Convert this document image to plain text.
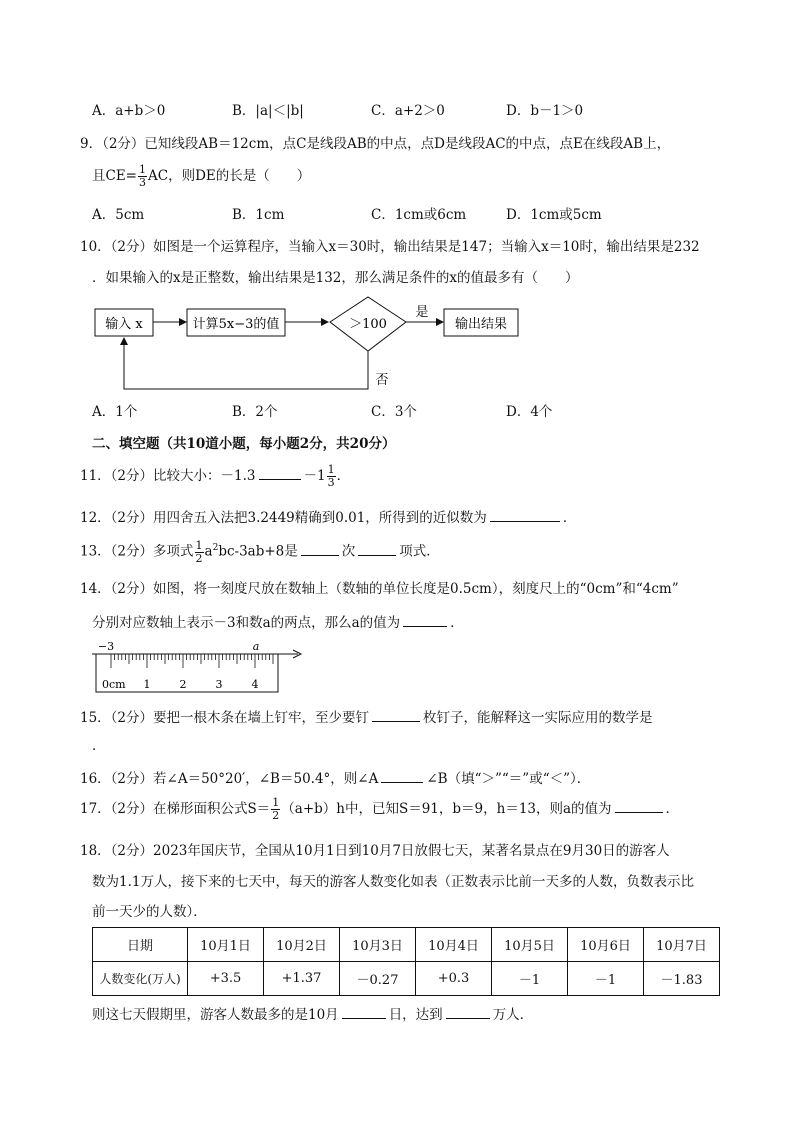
A．a+b＞0	B．|a|＜|b|	C．a+2＞0	D．b－1＞0
9．（2分）已知线段AB＝12cm，点C是线段AB的中点，点D是线段AC的中点，点E在线段AB上，
且$CE= \frac{1}{3}$ AC，则DE的长是（　　）
A．5cm	B．1cm	C．1cm或6cm	D．1cm或5cm
10．（2分）如图是一个运算程序，当输入x＝30时，输出结果是147；当输入x＝10时，输出结果是232
．如果输入的x是正整数，输出结果是132，那么满足条件的x的值最多有（　　）
输入 x	计算5x−3的值	＞100
是
输出结果
否
A．1个	B．2个	C．3个	D．4个
二、填空题（共10道小题，每小题2分，共20分）
11．（2分）比较大小：－1.3	$-1 \frac{1}{3}$ ．
12．（2分）用四舍五入法把3.2449精确到0.01，所得到的近似数为	．
13．（2分）多项式 $\frac{1}{2} a^2bc-3ab+8$是	次	项式．
14．（2分）如图，将一刻度尺放在数轴上（数轴的单位长度是0.5cm），刻度尺上的“0cm”和“4cm”
分别对应数轴上表示－3和数a的两点，那么a的值为	．
−3	a
0cm 1	2	3	4
15．（2分）要把一根木条在墙上钉牢，至少要钉	枚钉子，能解释这一实际应用的数学是
．
16．（2分）若∠A＝50°20′，∠B＝50.4°，则∠A	∠B（填“＞”“＝”或“＜”）．
17．（2分）在梯形面积公式$S= \frac{1}{2} (a+b)h$中，已知S＝91，b＝9，h＝13，则a的值为	．
18．（2分）2023年国庆节，全国从10月1日到10月7日放假七天，某著名景点在9月30日的游客人
数为1.1万人，接下来的七天中，每天的游客人数变化如表（正数表示比前一天多的人数，负数表示比
前一天少的人数）．
日期	10月1日	10月2日	10月3日	10月4日	10月5日	10月6日	10月7日
人数变化(万人)	+3.5	+1.37	－0.27	+0.3	－1	－1	－1.83
则这七天假期里，游客人数最多的是10月	日，达到	万人．
